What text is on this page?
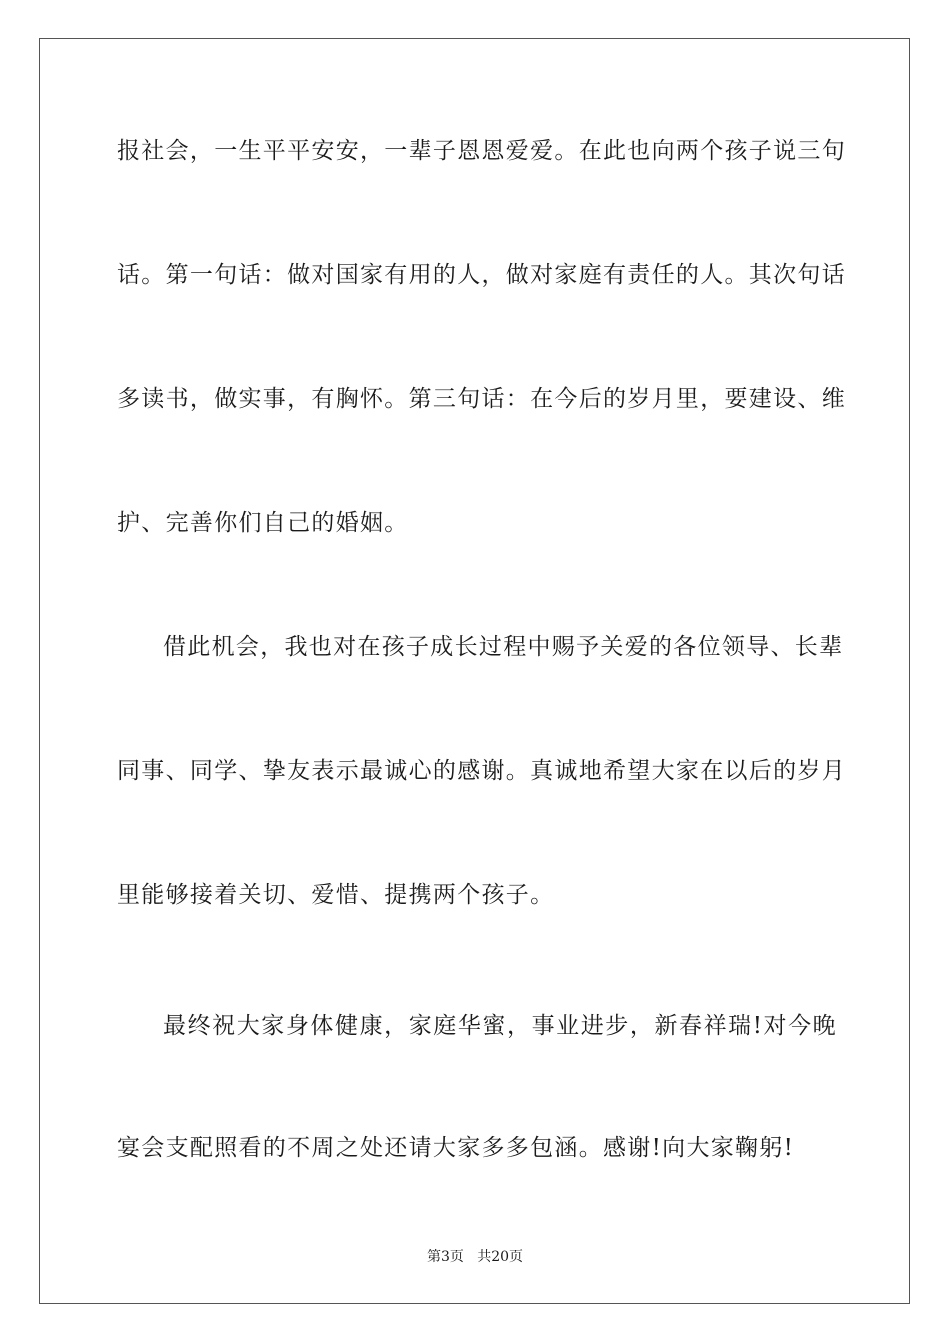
报社会，一生平平安安，一辈子恩恩爱爱。在此也向两个孩子说三句
话。第一句话：做对国家有用的人，做对家庭有责任的人。其次句话
多读书，做实事，有胸怀。第三句话：在今后的岁月里，要建设、维
护、完善你们自己的婚姻。
借此机会，我也对在孩子成长过程中赐予关爱的各位领导、长辈
同事、同学、挚友表示最诚心的感谢。真诚地希望大家在以后的岁月
里能够接着关切、爱惜、提携两个孩子。
最终祝大家身体健康，家庭华蜜，事业进步，新春祥瑞!对今晚
宴会支配照看的不周之处还请大家多多包涵。感谢!向大家鞠躬!
第3页   共20页
